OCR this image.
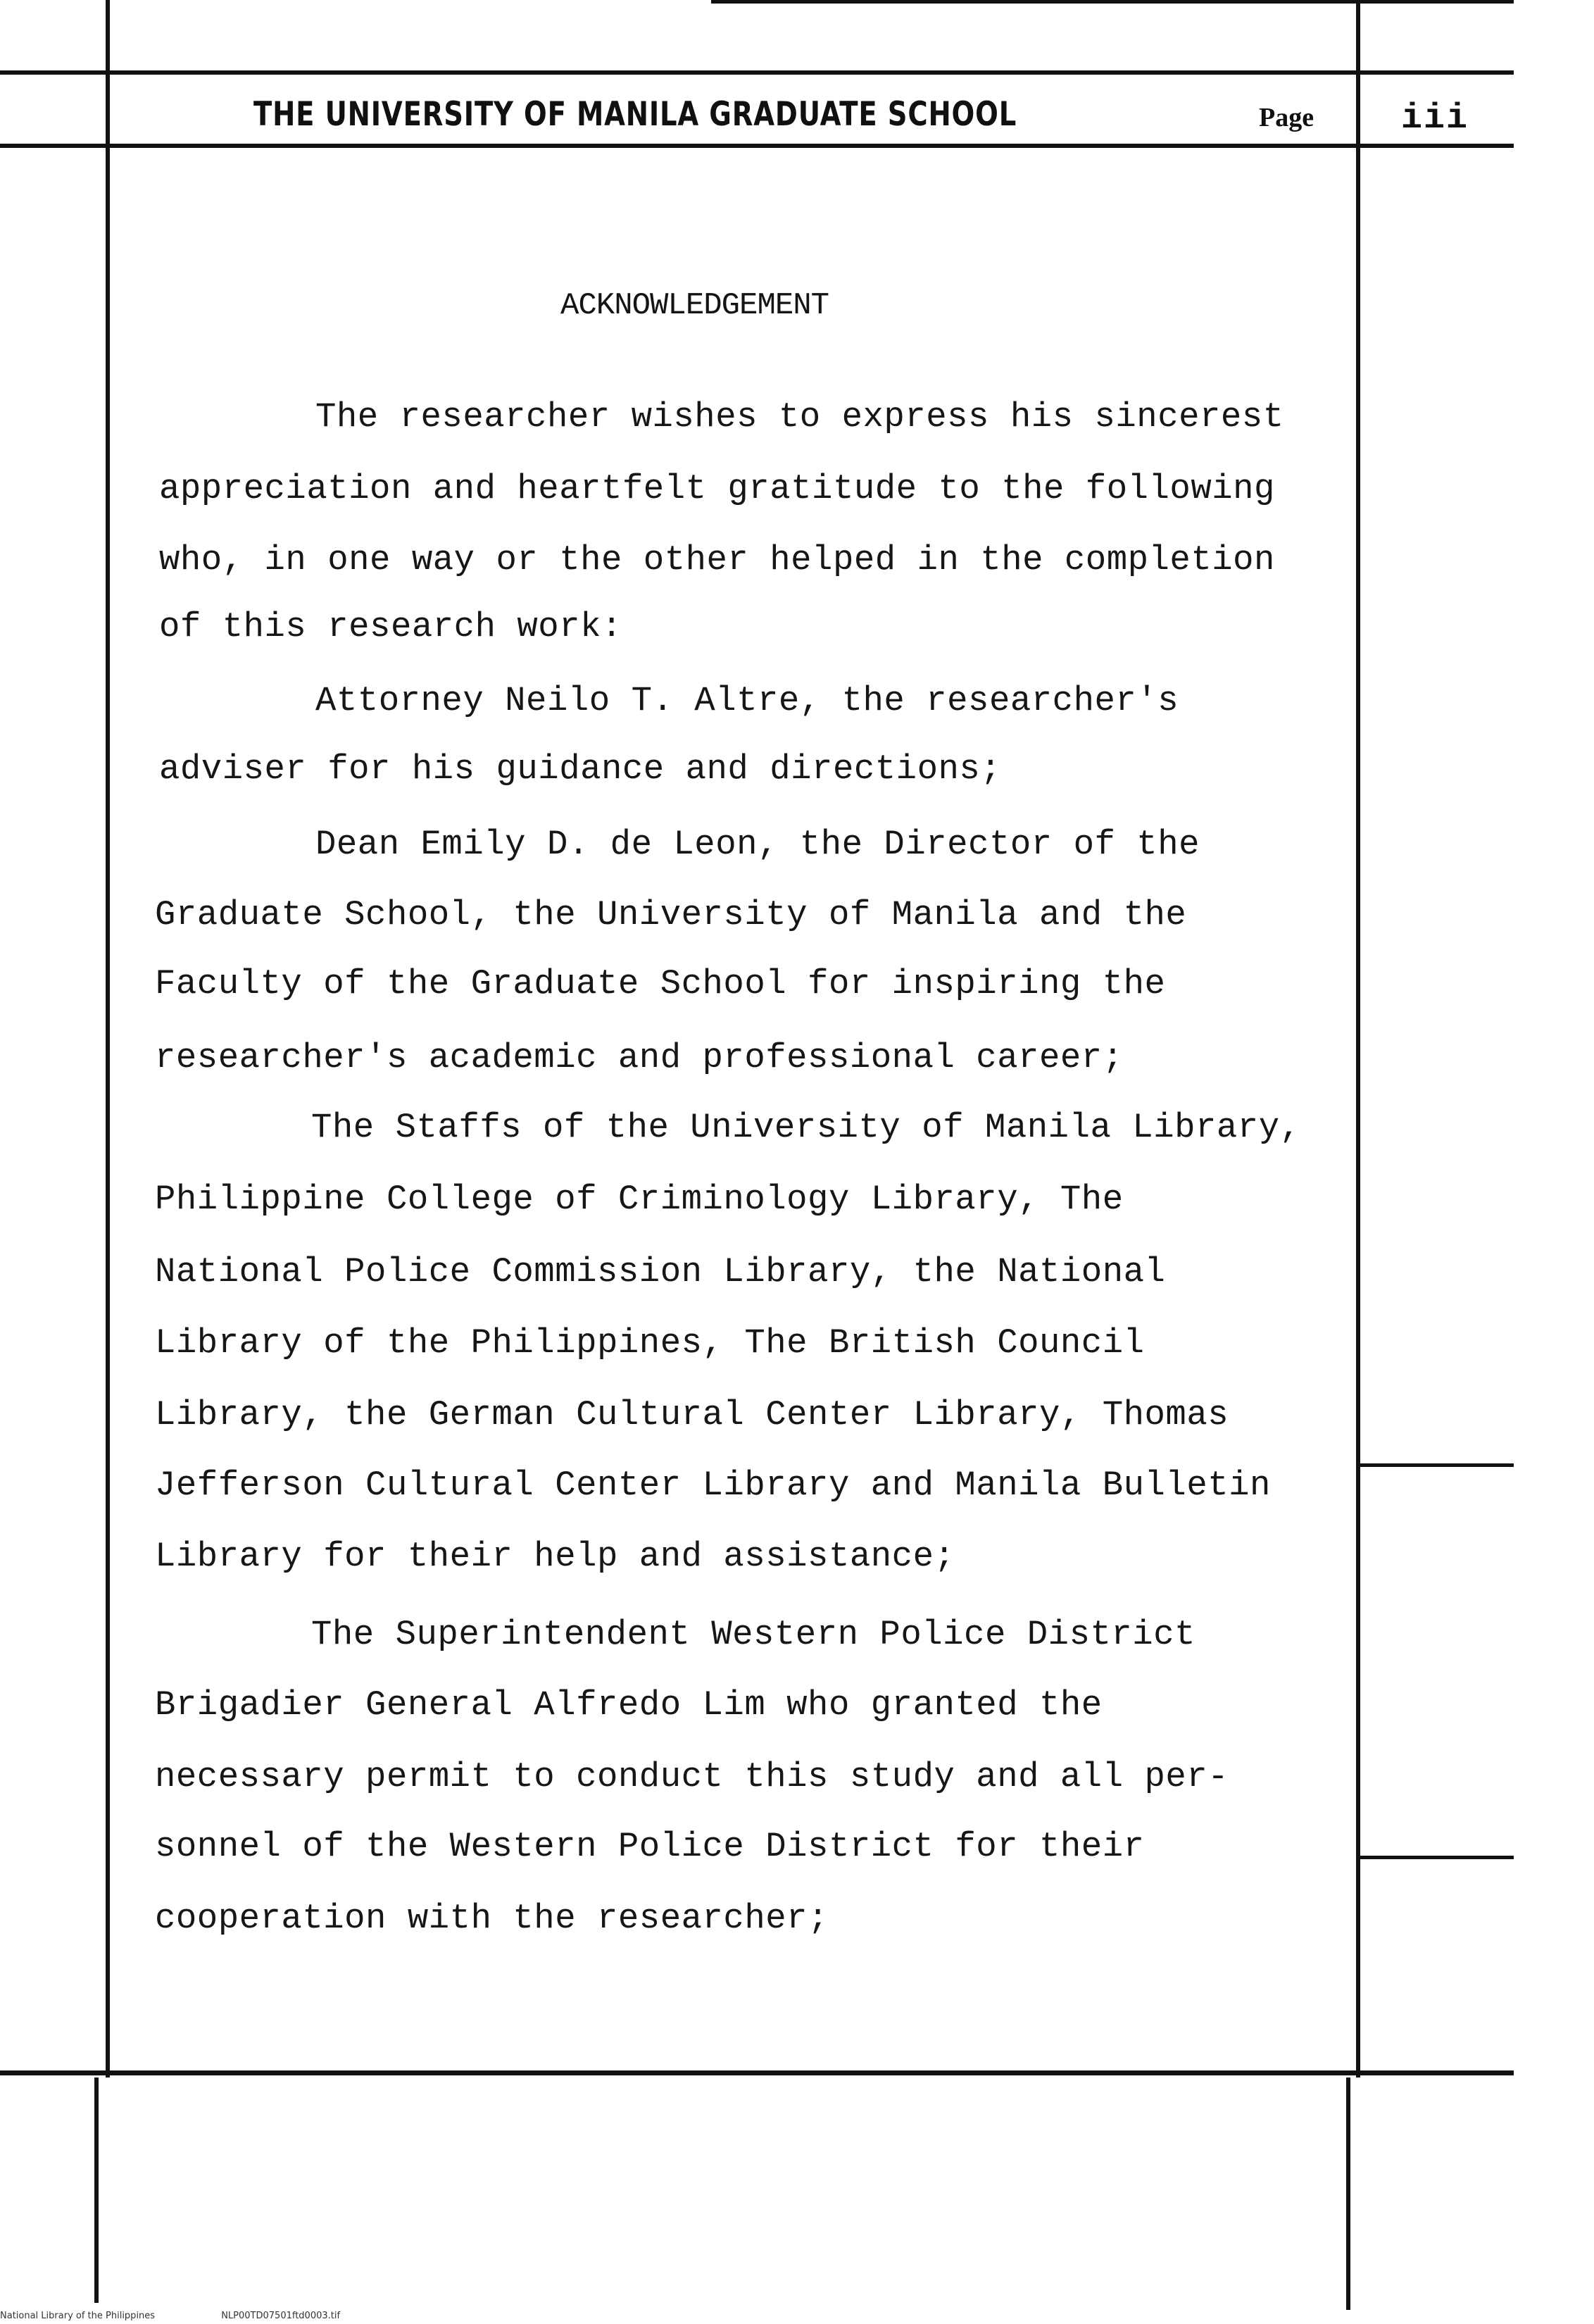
THE UNIVERSITY OF MANILA GRADUATE SCHOOL	Page iii
ACKNOWLEDGEMENT
The researcher wishes to express his sincerest
appreciation and heartfelt gratitude to the following
who, in one way or the other helped in the completion
of this research work:
Attorney Neilo T. Altre, the researcher's
adviser for his guidance and directions;
Dean Emily D. de Leon, the Director of the
Graduate School, the University of Manila and the
Faculty of the Graduate School for inspiring the
researcher's academic and professional career;
The Staffs of the University of Manila Library,
Philippine College of Criminology Library, The
National Police Commission Library, the National
Library of the Philippines, The British Council
Library, the German Cultural Center Library, Thomas
Jefferson Cultural Center Library and Manila Bulletin
Library for their help and assistance;
The Superintendent Western Police District
Brigadier General Alfredo Lim who granted the
necessary permit to conduct this study and all per-
sonnel of the Western Police District for their
cooperation with the researcher;
National Library of the Philippines	NLP00TD07501ftd0003.tif
